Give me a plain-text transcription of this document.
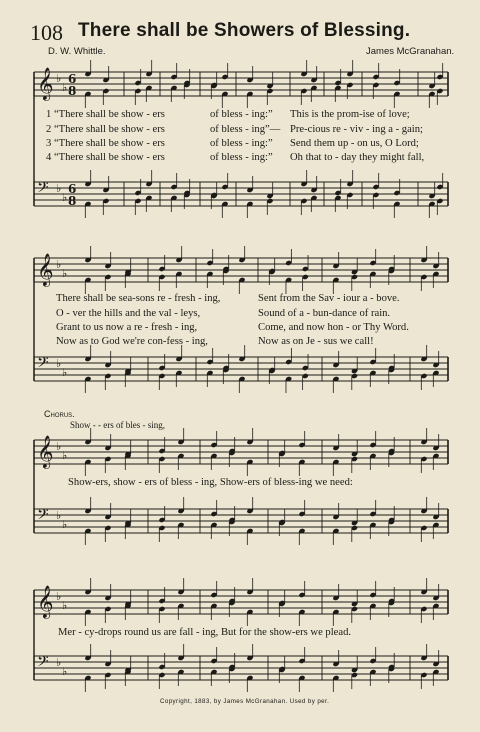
108 There shall be Showers of Blessing.
D. W. Whittle.	James McGranahan.
𝄞 ♭
♭
𝄢 ♭
♭
𝄞 ♭
♭
𝄢 ♭
♭
𝄞 ♭
♭
𝄢 ♭
♭
𝄞 ♭
♭
𝄢 ♭
♭
6
8
6
8
1 “There shall be show - ers	of bless - ing:” This is the prom-ise of love;
2 “There shall be show - ers	of bless - ing”— Pre-cious re - viv - ing a - gain;
3 “There shall be show - ers	of bless - ing:” Send them up - on us, O Lord;
4 “There shall be show - ers	of bless - ing:” Oh that to - day they might fall,
There shall be sea-sons re - fresh - ing,	Sent from the Sav - iour a - bove.
O - ver the hills and the val - leys,	Sound of a - bun-dance of rain.
Grant to us now a re - fresh - ing,	Come, and now hon - or Thy Word.
Now as to God we're con-fess - ing,	Now as on Je - sus we call!
Chorus.
Show - - ers of bles - sing,
Show-ers, show - ers of bless - ing, Show-ers of bless-ing we need:
Mer - cy-drops round us are fall - ing, But for the show-ers we plead.
Copyright, 1883, by James McGranahan. Used by per.
